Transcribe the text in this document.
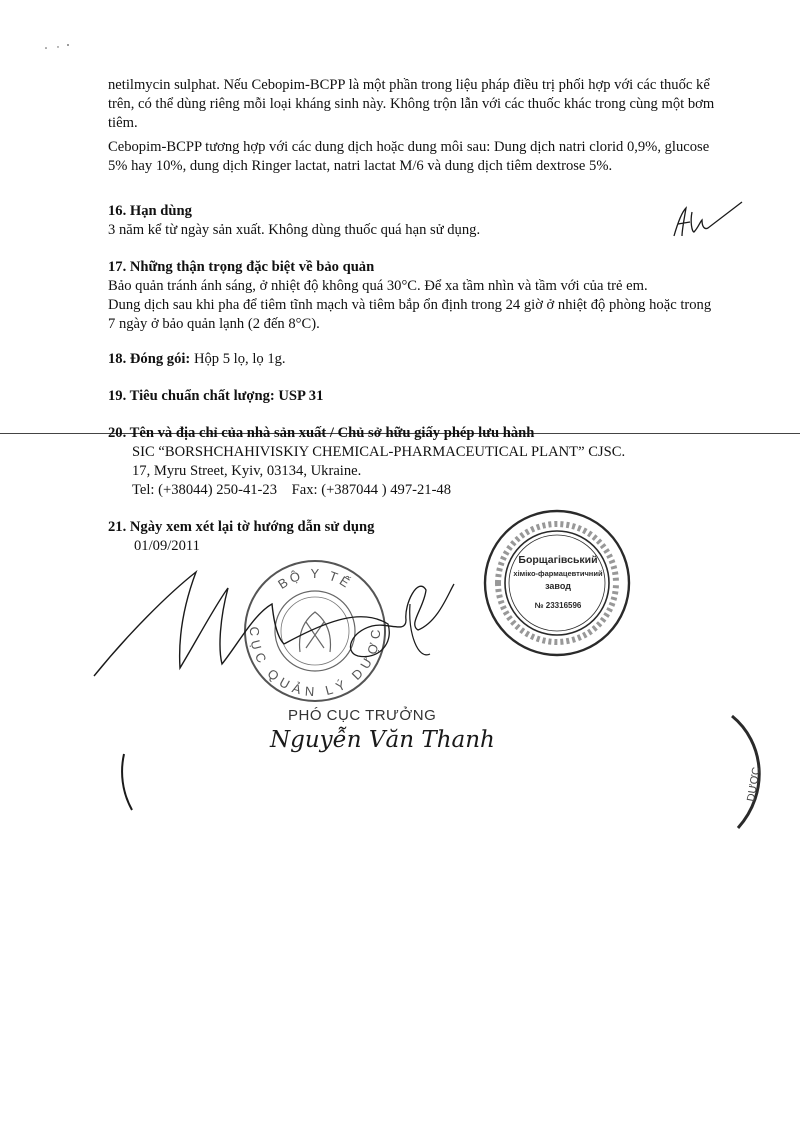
netilmycin sulphat. Nếu Cebopim-BCPP là một phần trong liệu pháp điều trị phối hợp với các thuốc kể trên, có thể dùng riêng mỗi loại kháng sinh này. Không trộn lẫn với các thuốc khác trong cùng một bơm tiêm.

Cebopim-BCPP tương hợp với các dung dịch hoặc dung môi sau: Dung dịch natri clorid 0,9%, glucose 5% hay 10%, dung dịch Ringer lactat, natri lactat M/6 và dung dịch tiêm dextrose 5%.

16. Hạn dùng

3 năm kể từ ngày sản xuất. Không dùng thuốc quá hạn sử dụng.

17. Những thận trọng đặc biệt về bảo quản

Bảo quản tránh ánh sáng, ở nhiệt độ không quá 30°C. Để xa tầm nhìn và tầm với của trẻ em.

Dung dịch sau khi pha để tiêm tĩnh mạch và tiêm bắp ổn định trong 24 giờ ở nhiệt độ phòng hoặc trong 7 ngày ở bảo quản lạnh (2 đến 8°C).

18. Đóng gói: Hộp 5 lọ, lọ 1g.

19. Tiêu chuẩn chất lượng: USP 31

20. Tên và địa chỉ của nhà sản xuất / Chủ sở hữu giấy phép lưu hành

SIC “BORSHCHAHIVISKIY CHEMICAL-PHARMACEUTICAL PLANT” CJSC.

17, Myru Street, Kyiv, 03134, Ukraine.

Tel: (+38044) 250-41-23 Fax: (+387044 ) 497-21-48

21. Ngày xem xét lại tờ hướng dẫn sử dụng

01/09/2011

Борщагівський
хіміко-фармацевтичний
завод
№ 23316596
BỘ Y TẾ
CỤC QUẢN LÝ DƯỢC
PHÓ CỤC TRƯỞNG
Nguyễn Văn Thanh
DƯỢC
